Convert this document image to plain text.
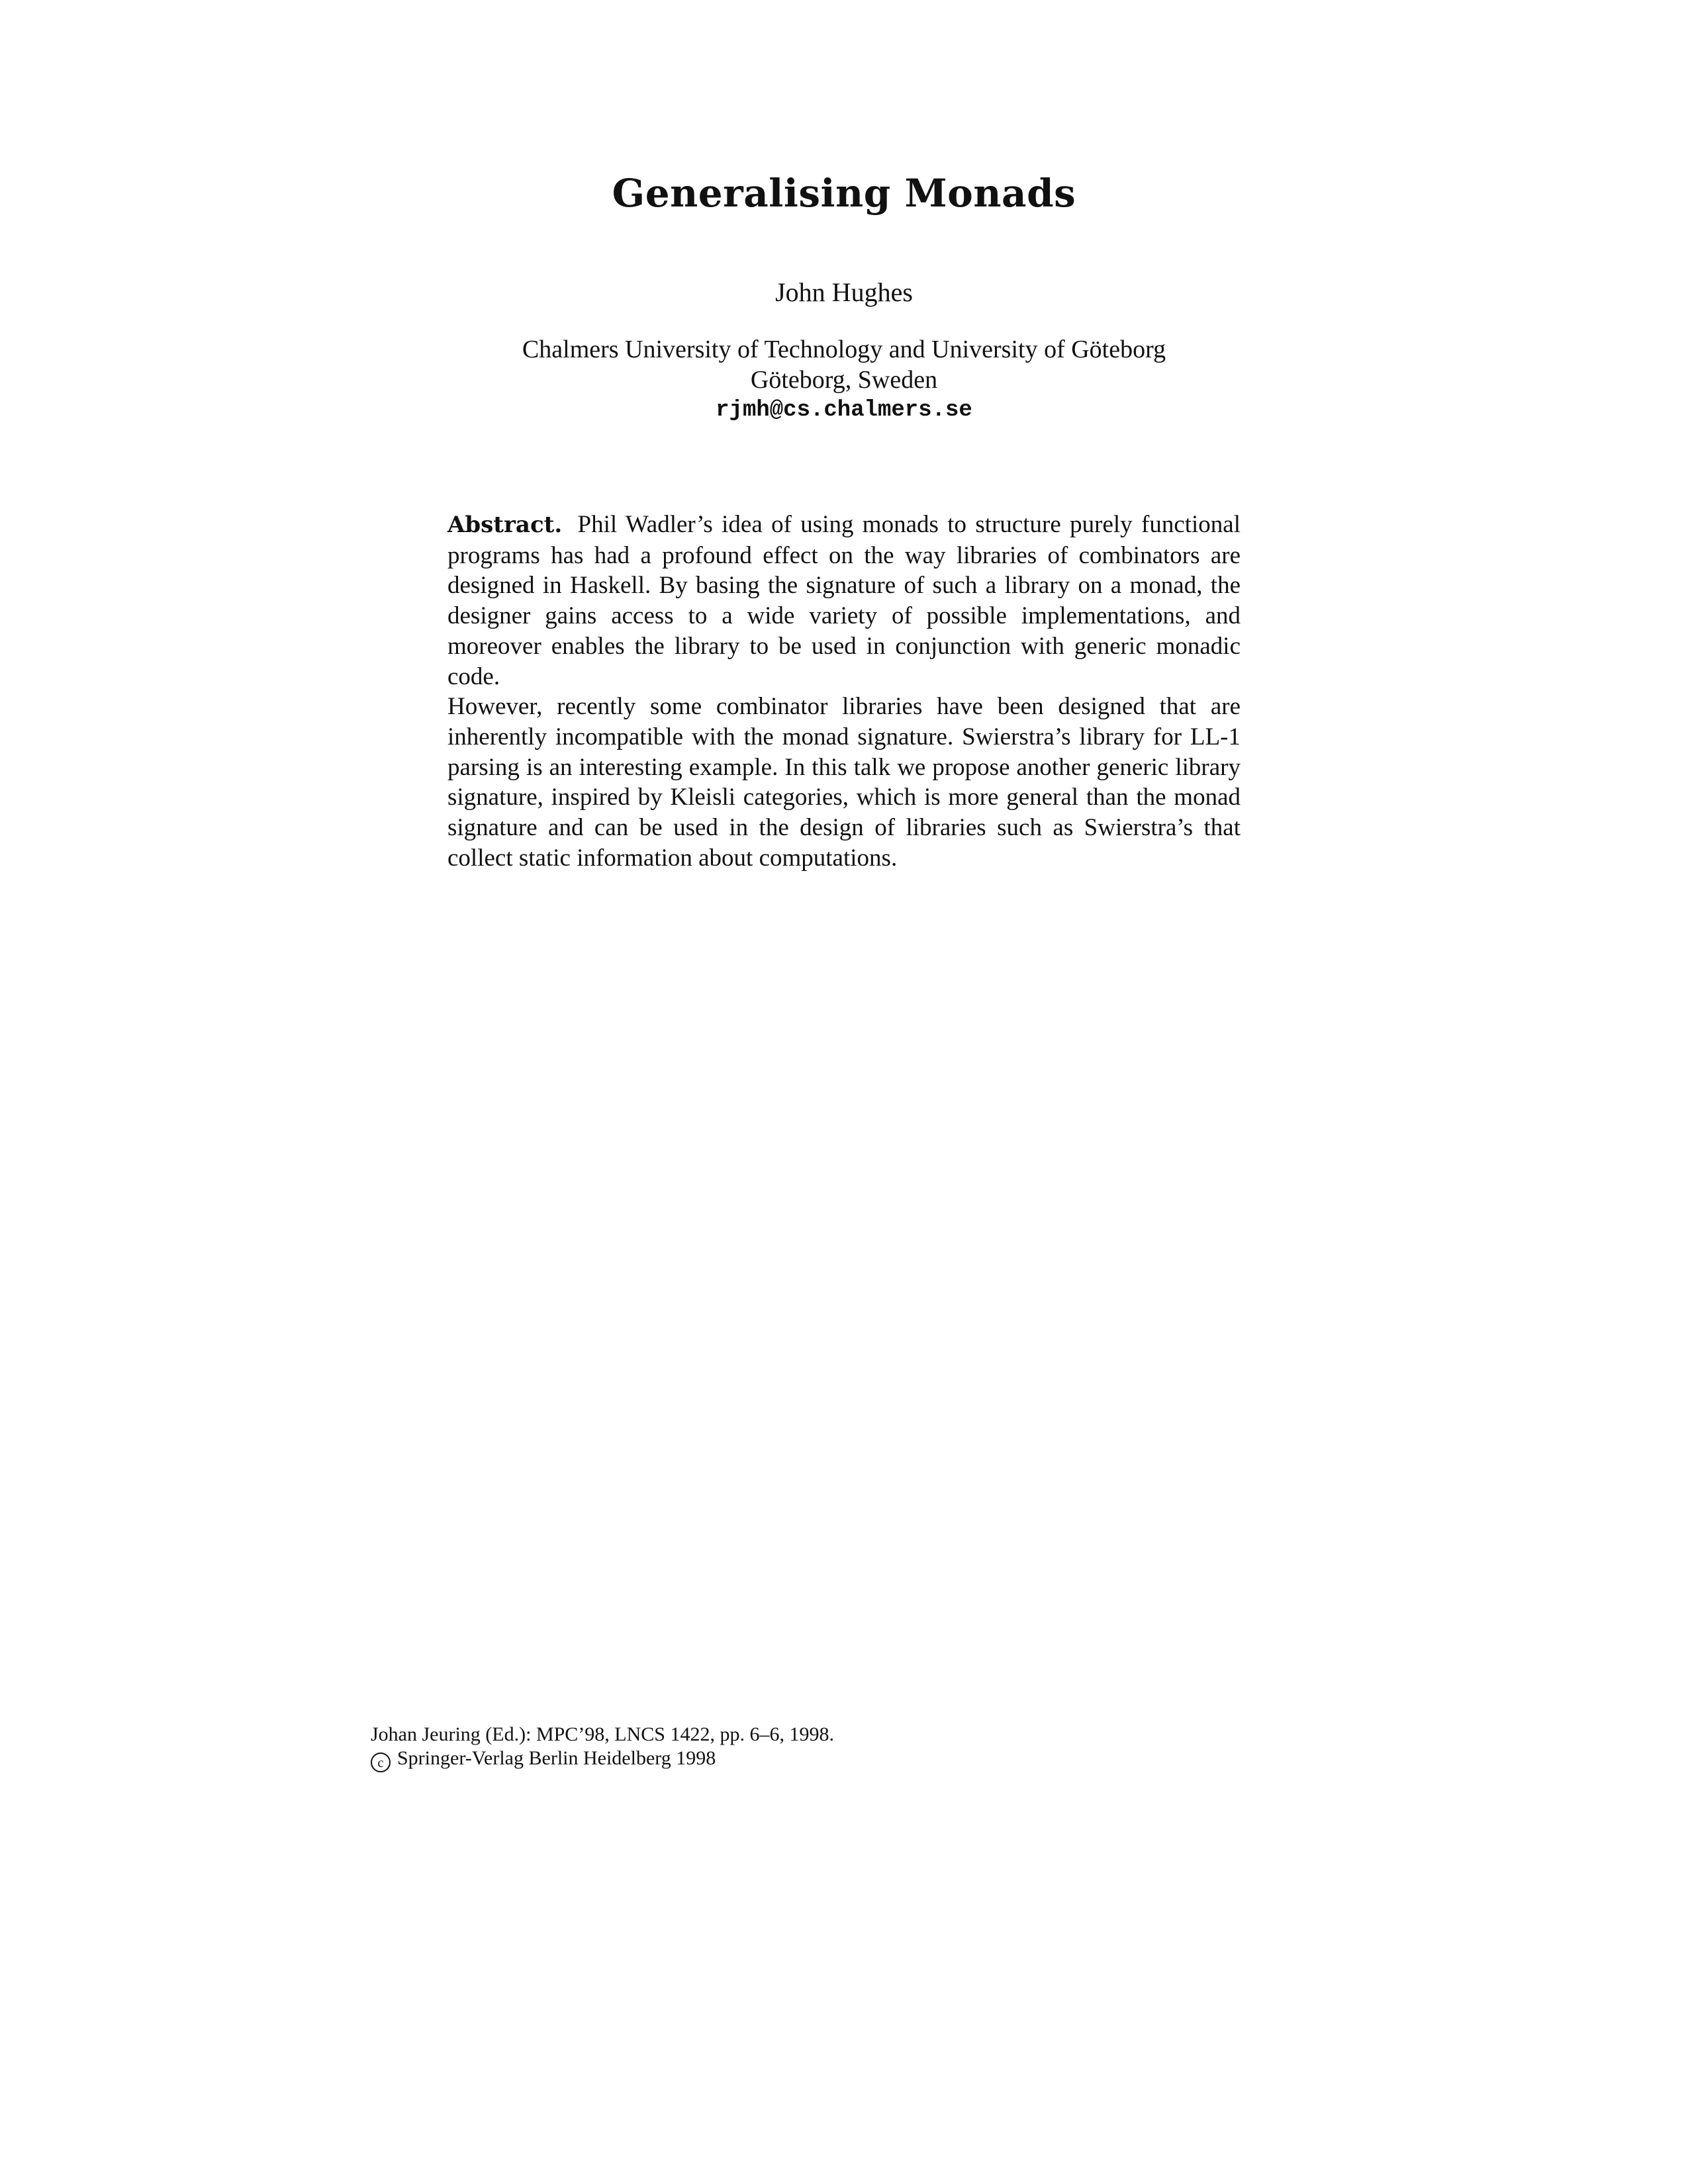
Generalising Monads
John Hughes
Chalmers University of Technology and University of Göteborg
Göteborg, Sweden
rjmh@cs.chalmers.se

Abstract. Phil Wadler’s idea of using monads to structure purely functional programs has had a profound effect on the way libraries of combinators are designed in Haskell. By basing the signature of such a library on a monad, the designer gains access to a wide variety of possible implementations, and moreover enables the library to be used in conjunction with generic monadic code.

However, recently some combinator libraries have been designed that are inherently incompatible with the monad signature. Swierstra’s library for LL-1 parsing is an interesting example. In this talk we propose another generic library signature, inspired by Kleisli categories, which is more general than the monad signature and can be used in the design of libraries such as Swierstra’s that collect static information about computations.

Johan Jeuring (Ed.): MPC’98, LNCS 1422, pp. 6–6, 1998.
c Springer-Verlag Berlin Heidelberg 1998
